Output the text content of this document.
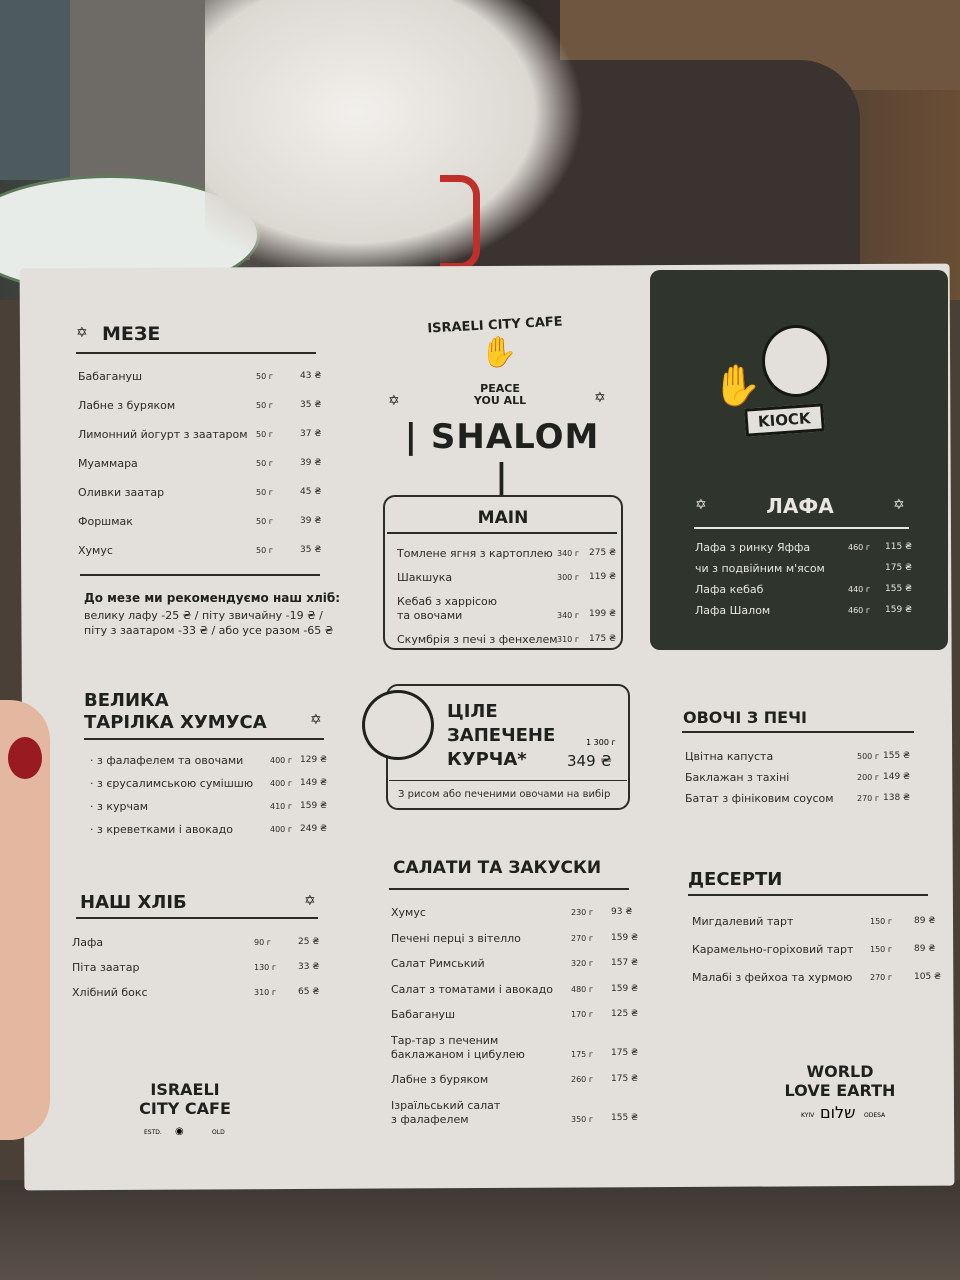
✡ МЕЗЕ
Бабагануш	50 г	43 ₴
Лабне з буряком	50 г	35 ₴
Лимонний йогурт з заатаром 50 г	37 ₴
Муаммара	50 г	39 ₴
Оливки заатар	50 г	45 ₴
Форшмак	50 г	39 ₴
Хумус	50 г	35 ₴
До мезе ми рекомендуємо наш хліб:
велику лафу -25 ₴ / піту звичайну -19 ₴ /
піту з заатаром -33 ₴ / або усе разом -65 ₴
ISRAELI CITY CAFE
✋
PEACE
YOU ALL
✡	✡
| SHALOM |
MAIN
Томлене ягня з картоплею 340 г 275 ₴
Шакшука	300 г 119 ₴
Кебаб з харрісою
та овочами	340 г 199 ₴
Скумбрія з печі з фенхелем 310 г 175 ₴
✋
KIOCK
✡	✡
ЛАФА
Лафа з ринку Яффа	460 г 115 ₴
чи з подвійним м'ясом	175 ₴
Лафа кебаб	440 г 155 ₴
Лафа Шалом	460 г 159 ₴
ВЕЛИКА
ТАРІЛКА ХУМУСА	✡
· з фалафелем та овочами	400 г 129 ₴
· з єрусалимською сумішшю 400 г 149 ₴
· з курчам	410 г 159 ₴
· з креветками і авокадо	400 г 249 ₴
ЦІЛЕ
ЗАПЕЧЕНЕ
КУРЧА*
1 300 г
349 ₴
З рисом або печеними овочами на вибір
ОВОЧІ З ПЕЧІ
Цвітна капуста	500 г 155 ₴
Баклажан з тахіні	200 г 149 ₴
Батат з фініковим соусом	270 г 138 ₴
НАШ ХЛІБ	✡
Лафа	90 г	25 ₴
Піта заатар	130 г 33 ₴
Хлібний бокс	310 г 65 ₴
САЛАТИ ТА ЗАКУСКИ
Хумус	230 г 93 ₴
Печені перці з вітелло	270 г 159 ₴
Салат Римський	320 г 157 ₴
Салат з томатами і авокадо 480 г 159 ₴
Бабагануш	170 г 125 ₴
Тар-тар з печеним
баклажаном і цибулею	175 г 175 ₴
Лабне з буряком	260 г 175 ₴
Ізраїльський салат
з фалафелем	350 г 155 ₴
ДЕСЕРТИ
Мигдалевий тарт	150 г 89 ₴
Карамельно-горіховий тарт 150 г 89 ₴
Малабі з фейхоа та хурмою 270 г 105 ₴
ISRAELI
CITY CAFE
ESTD. ◉	OLD
WORLD
LOVE EARTH
KYIV שלום ODESA
